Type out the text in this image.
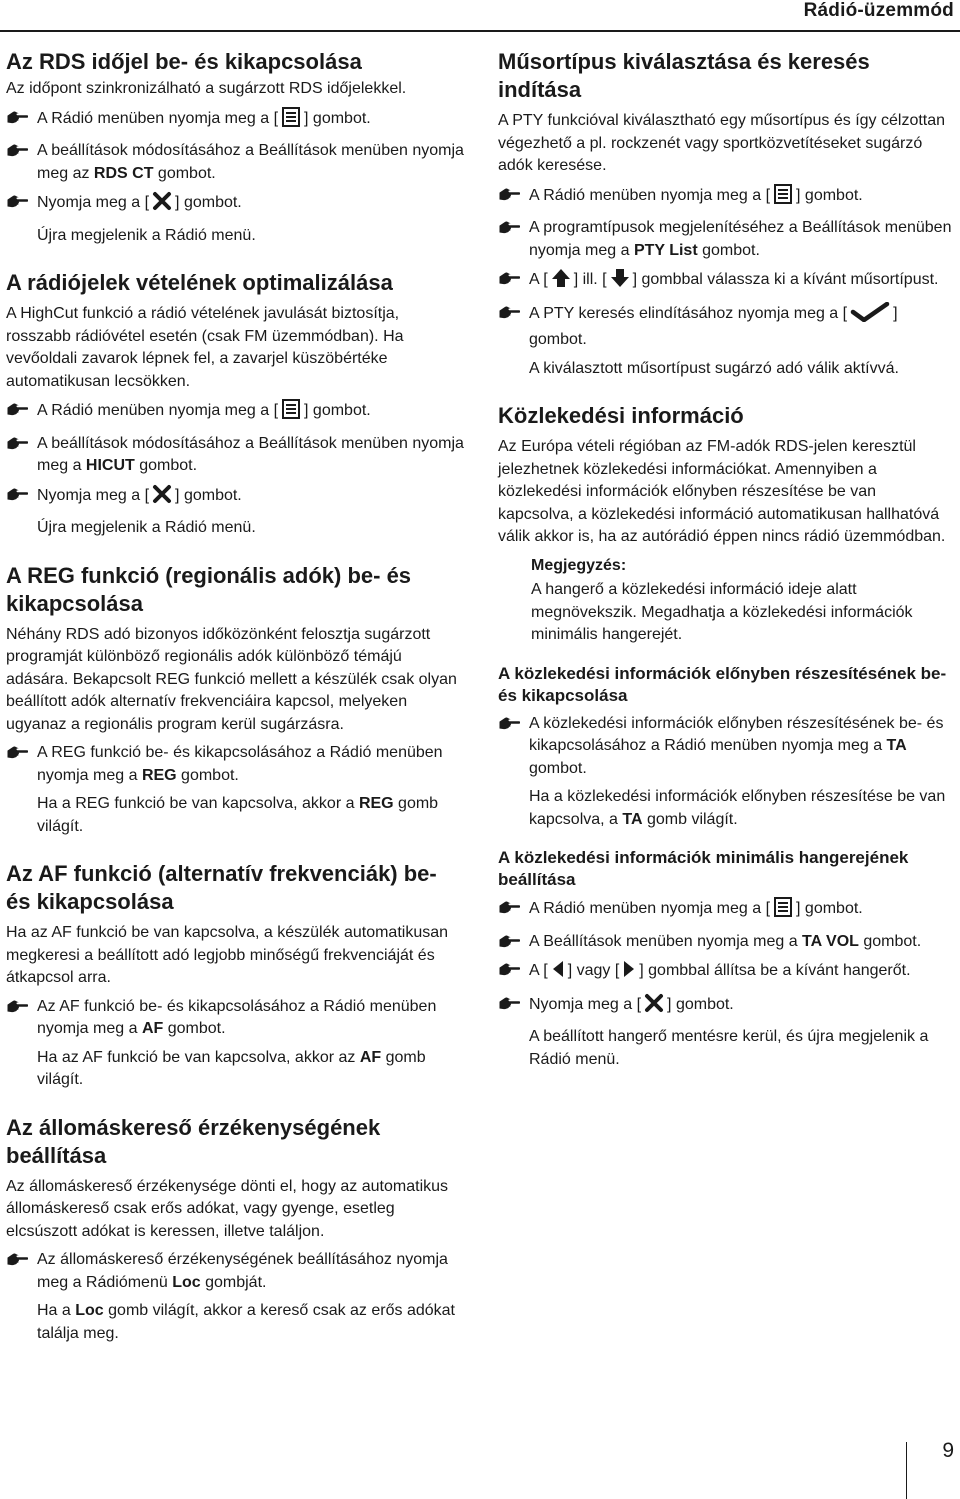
Rádió-üzemmód
Az RDS időjel be- és kikapcsolása

Az időpont szinkronizálható a sugárzott RDS időjelekkel.

A Rádió menüben nyomja meg a [ ] gombot.
A beállítások módosításához a Beállítások menüben nyomja meg az RDS CT gombot.
Nyomja meg a [ ] gombot.
Újra megjelenik a Rádió menü.
A rádiójelek vételének optimalizálása

A HighCut funkció a rádió vételének javulását biztosítja, rosszabb rádióvétel esetén (csak FM üzemmódban). Ha vevőoldali zavarok lépnek fel, a zavarjel küszöbértéke automatikusan lecsökken.

A Rádió menüben nyomja meg a [ ] gombot.
A beállítások módosításához a Beállítások menüben nyomja meg a HICUT gombot.
Nyomja meg a [ ] gombot.
Újra megjelenik a Rádió menü.
A REG funkció (regionális adók) be- és kikapcsolása

Néhány RDS adó bizonyos időközönként felosztja sugárzott programját különböző regionális adók különböző témájú adására. Bekapcsolt REG funkció mellett a készülék csak olyan beállított adók alternatív frekvenciáira kapcsol, melyeken ugyanaz a regionális program kerül sugárzásra.

A REG funkció be- és kikapcsolásához a Rádió menüben nyomja meg a REG gombot.
Ha a REG funkció be van kapcsolva, akkor a REG gomb világít.
Az AF funkció (alternatív frekvenciák) be- és kikapcsolása

Ha az AF funkció be van kapcsolva, a készülék automatikusan megkeresi a beállított adó legjobb minőségű frekvenciáját és átkapcsol arra.

Az AF funkció be- és kikapcsolásához a Rádió menüben nyomja meg a AF gombot.
Ha az AF funkció be van kapcsolva, akkor az AF gomb világít.
Az állomáskereső érzékenységének beállítása

Az állomáskereső érzékenysége dönti el, hogy az automatikus állomáskereső csak erős adókat, vagy gyenge, esetleg elcsúszott adókat is keressen, illetve találjon.

Az állomáskereső érzékenységének beállításához nyomja meg a Rádiómenü Loc gombját.
Ha a Loc gomb világít, akkor a kereső csak az erős adókat találja meg.
Műsortípus kiválasztása és keresés indítása

A PTY funkcióval kiválasztható egy műsortípus és így célzottan végezhető a pl. rockzenét vagy sportközvetítéseket sugárzó adók keresése.

A Rádió menüben nyomja meg a [ ] gombot.
A programtípusok megjelenítéséhez a Beállítások menüben nyomja meg a PTY List gombot.
A [ ] ill. [ ] gombbal válassza ki a kívánt műsortípust.
A PTY keresés elindításához nyomja meg a [	] gombot.
A kiválasztott műsortípust sugárzó adó válik aktívvá.
Közlekedési információ

Az Európa vételi régióban az FM-adók RDS-jelen keresztül jelezhetnek közlekedési információkat. Amennyiben a közlekedési információk előnyben részesítése be van kapcsolva, a közlekedési információ automatikusan hallhatóvá válik akkor is, ha az autórádió éppen nincs rádió üzemmódban.

Megjegyzés:
A hangerő a közlekedési információ ideje alatt megnövekszik. Megadhatja a közlekedési információk minimális hangerejét.
A közlekedési információk előnyben részesítésének be- és kikapcsolása
A közlekedési információk előnyben részesítésének be- és kikapcsolásához a Rádió menüben nyomja meg a TA gombot.
Ha a közlekedési információk előnyben részesítése be van kapcsolva, a TA gomb világít.
A közlekedési információk minimális hangerejének beállítása
A Rádió menüben nyomja meg a [ ] gombot.
A Beállítások menüben nyomja meg a TA VOL gombot.
A [ ] vagy [ ] gombbal állítsa be a kívánt hangerőt.
Nyomja meg a [ ] gombot.
A beállított hangerő mentésre kerül, és újra megjelenik a Rádió menü.
9
